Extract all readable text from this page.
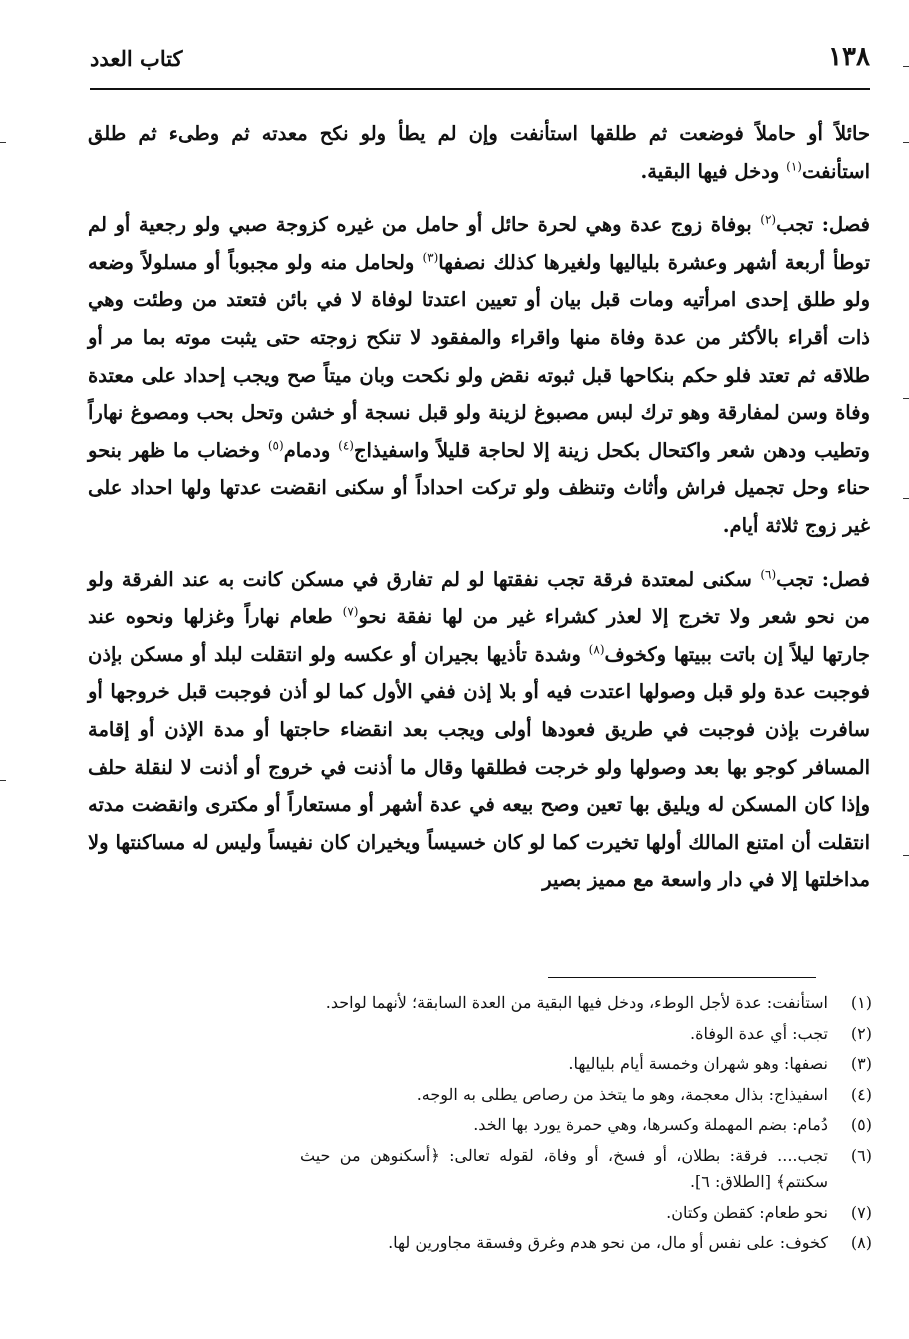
١٣٨
كتاب العدد

حائلاً أو حاملاً فوضعت ثم طلقها استأنفت وإن لم يطأ ولو نكح معدته ثم وطىء ثم طلق استأنفت$^{(١)}$ ودخل فيها البقية.

فصل: تجب$^{(٢)}$ بوفاة زوج عدة وهي لحرة حائل أو حامل من غيره كزوجة صبي ولو رجعية أو لم توطأ أربعة أشهر وعشرة بلياليها ولغيرها كذلك نصفها$^{(٣)}$ ولحامل منه ولو مجبوباً أو مسلولاً وضعه ولو طلق إحدى امرأتيه ومات قبل بيان أو تعيين اعتدتا لوفاة لا في بائن فتعتد من وطئت وهي ذات أقراء بالأكثر من عدة وفاة منها واقراء والمفقود لا تنكح زوجته حتى يثبت موته بما مر أو طلاقه ثم تعتد فلو حكم بنكاحها قبل ثبوته نقض ولو نكحت وبان ميتاً صح ويجب إحداد على معتدة وفاة وسن لمفارقة وهو ترك لبس مصبوغ لزينة ولو قبل نسجة أو خشن وتحل بحب ومصوغ نهاراً وتطيب ودهن شعر واكتحال بكحل زينة إلا لحاجة قليلاً واسفيذاج$^{(٤)}$ ودمام$^{(٥)}$ وخضاب ما ظهر بنحو حناء وحل تجميل فراش وأثاث وتنظف ولو تركت احداداً أو سكنى انقضت عدتها ولها احداد على غير زوج ثلاثة أيام.

فصل: تجب$^{(٦)}$ سكنى لمعتدة فرقة تجب نفقتها لو لم تفارق في مسكن كانت به عند الفرقة ولو من نحو شعر ولا تخرج إلا لعذر كشراء غير من لها نفقة نحو$^{(٧)}$ طعام نهاراً وغزلها ونحوه عند جارتها ليلاً إن باتت ببيتها وكخوف$^{(٨)}$ وشدة تأذيها بجيران أو عكسه ولو انتقلت لبلد أو مسكن بإذن فوجبت عدة ولو قبل وصولها اعتدت فيه أو بلا إذن ففي الأول كما لو أذن فوجبت قبل خروجها أو سافرت بإذن فوجبت في طريق فعودها أولى ويجب بعد انقضاء حاجتها أو مدة الإذن أو إقامة المسافر كوجو بها بعد وصولها ولو خرجت فطلقها وقال ما أذنت في خروج أو أذنت لا لنقلة حلف وإذا كان المسكن له ويليق بها تعين وصح بيعه في عدة أشهر أو مستعاراً أو مكترى وانقضت مدته انتقلت أن امتنع المالك أولها تخيرت كما لو كان خسيساً ويخيران كان نفيساً وليس له مساكنتها ولا مداخلتها إلا في دار واسعة مع مميز بصير

(١)
استأنفت: عدة لأجل الوطء، ودخل فيها البقية من العدة السابقة؛ لأنهما لواحد.
(٢)
تجب: أي عدة الوفاة.
(٣)
نصفها: وهو شهران وخمسة أيام بلياليها.
(٤)
اسفيذاج: بذال معجمة، وهو ما يتخذ من رصاص يطلى به الوجه.
(٥)
دُمام: بضم المهملة وكسرها، وهي حمرة يورد بها الخد.
(٦)
تجب.... فرقة: بطلان، أو فسخ، أو وفاة، لقوله تعالى: ﴿أسكنوهن من حيث سكنتم﴾ [الطلاق: ٦].
(٧)
نحو طعام: كقطن وكتان.
(٨)
كخوف: على نفس أو مال، من نحو هدم وغرق وفسقة مجاورين لها.
